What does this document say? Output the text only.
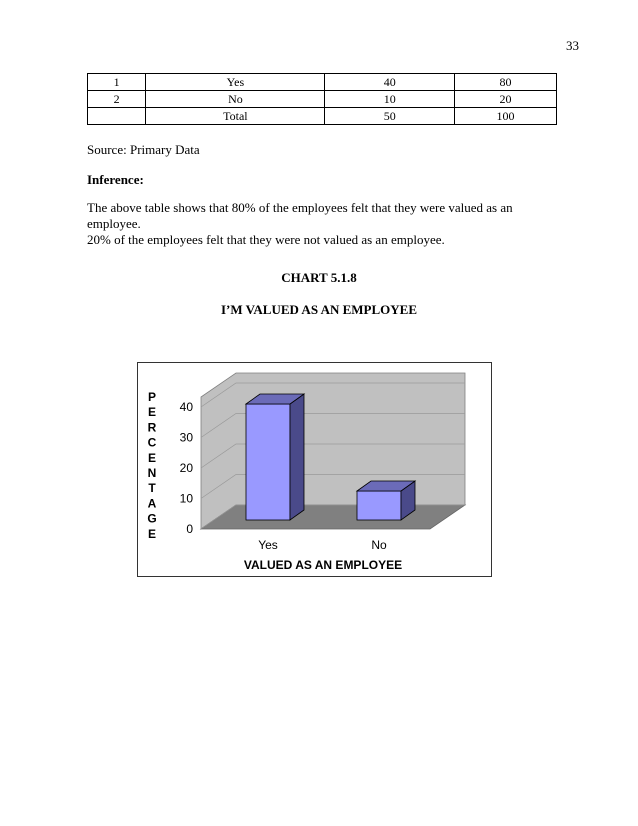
33
1	Yes	40	80
2	No	10	20
	Total	50	100
Source: Primary Data
Inference:

The above table shows that 80% of the employees felt that they were valued as an employee.

20% of the employees felt that they were not valued as an employee.

CHART 5.1.8
I’M VALUED AS AN EMPLOYEE
0
10
20
30
40
P
E
R
C
E
N
T
A
G
E
Yes	No
VALUED AS AN EMPLOYEE
